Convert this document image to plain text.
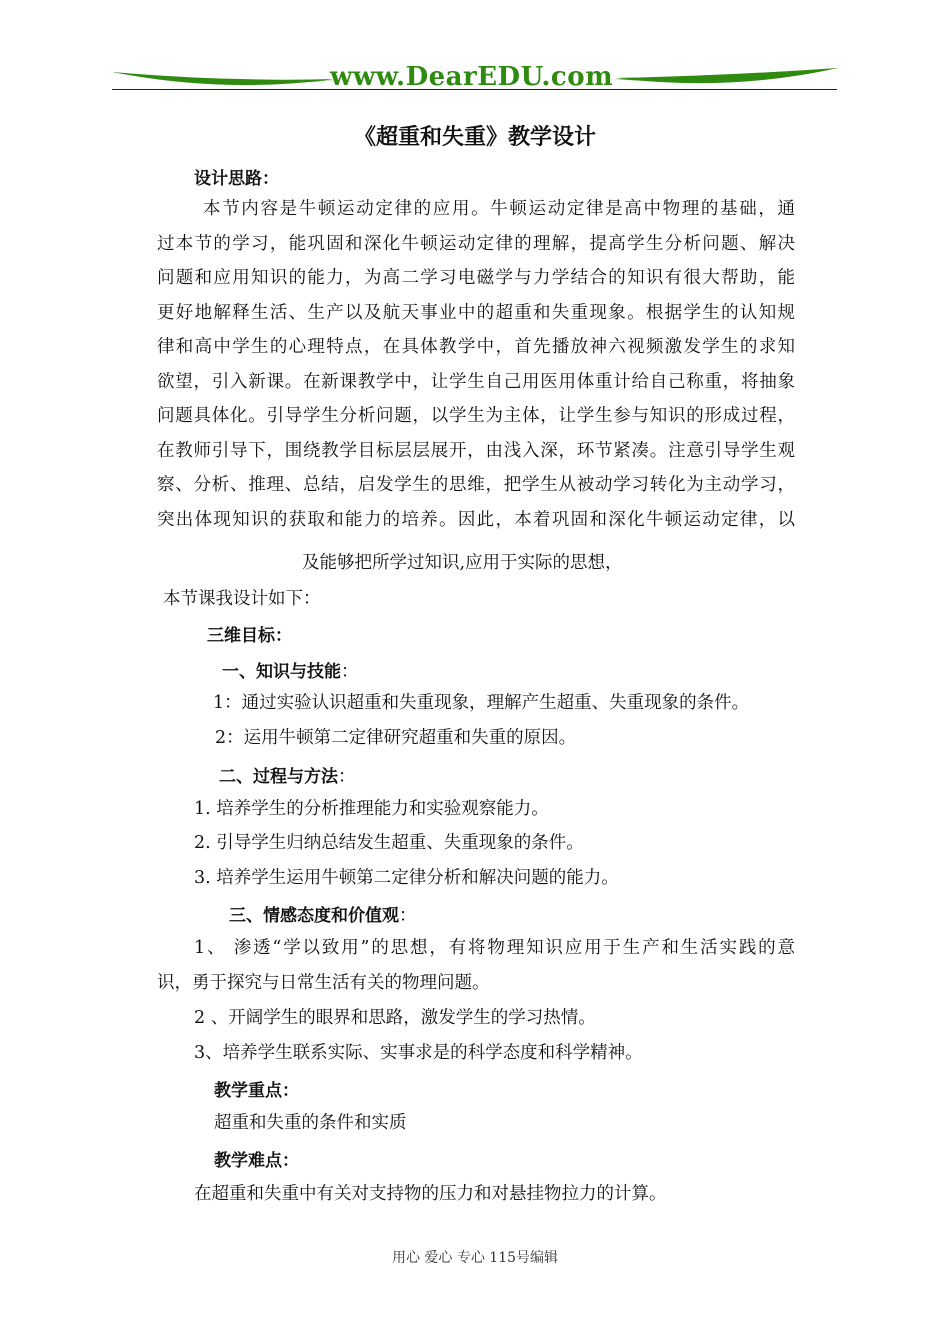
www.DearEDU.com
《超重和失重》教学设计
设计思路：
本节内容是牛顿运动定律的应用。牛顿运动定律是高中物理的基础，通
过本节的学习，能巩固和深化牛顿运动定律的理解，提高学生分析问题、解决
问题和应用知识的能力，为高二学习电磁学与力学结合的知识有很大帮助，能
更好地解释生活、生产以及航天事业中的超重和失重现象。根据学生的认知规
律和高中学生的心理特点，在具体教学中，首先播放神六视频激发学生的求知
欲望，引入新课。在新课教学中，让学生自己用医用体重计给自己称重，将抽象
问题具体化。引导学生分析问题，以学生为主体，让学生参与知识的形成过程，
在教师引导下，围绕教学目标层层展开，由浅入深，环节紧凑。注意引导学生观
察、分析、推理、总结，启发学生的思维，把学生从被动学习转化为主动学习，
突出体现知识的获取和能力的培养。因此，本着巩固和深化牛顿运动定律，以
及能够把所学过知识,应用于实际的思想，
本节课我设计如下：
三维目标：
一、知识与技能：
1：通过实验认识超重和失重现象，理解产生超重、失重现象的条件。
2：运用牛顿第二定律研究超重和失重的原因。
二、过程与方法：
1. 培养学生的分析推理能力和实验观察能力。
2. 引导学生归纳总结发生超重、失重现象的条件。
3. 培养学生运用牛顿第二定律分析和解决问题的能力。
三、情感态度和价值观：
1、 渗透“学以致用”的思想，有将物理知识应用于生产和生活实践的意
识，勇于探究与日常生活有关的物理问题。
2 、开阔学生的眼界和思路，激发学生的学习热情。
3、培养学生联系实际、实事求是的科学态度和科学精神。
教学重点：
超重和失重的条件和实质
教学难点：
在超重和失重中有关对支持物的压力和对悬挂物拉力的计算。
用心 爱心 专心 115号编辑
